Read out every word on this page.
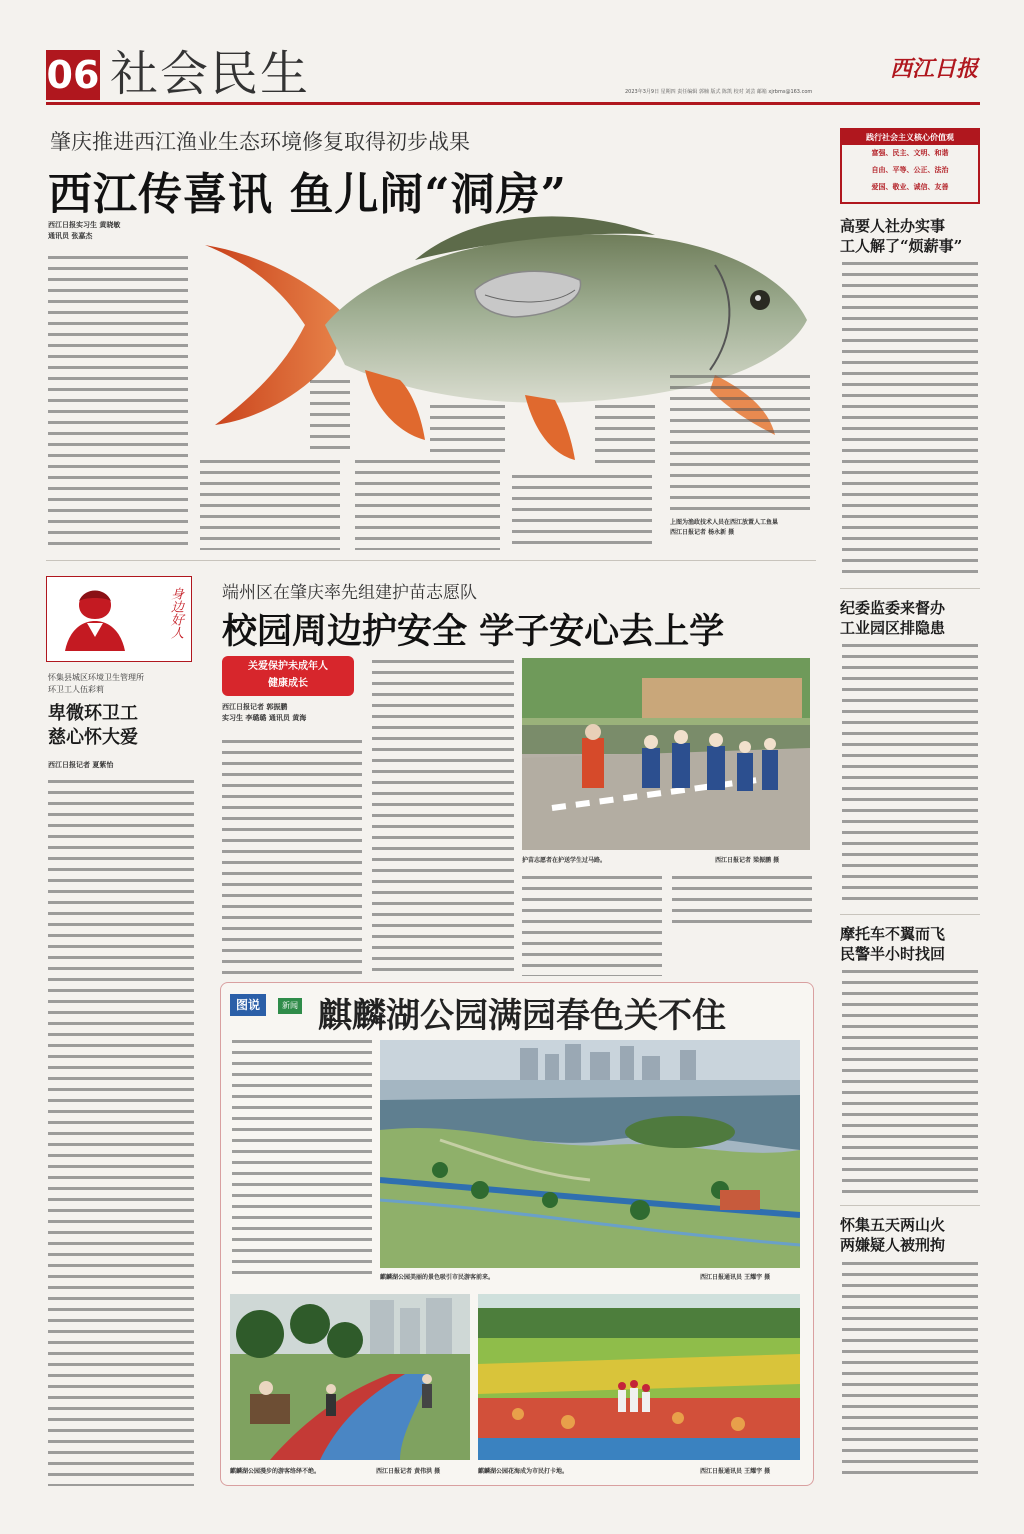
06 社会民生	西江日报
2023年3月9日 星期四 责任编辑 郭楠 版式 陈凯 校对 刘芸 邮箱 xjrbms@163.com
肇庆推进西江渔业生态环境修复取得初步战果
西江传喜讯 鱼儿闹“洞房”
西江日报实习生 黄晓敏
通讯员 张嘉杰
上图为渔政技术人员在西江放置人工鱼巢
西江日报记者 杨永新 摄
践行社会主义核心价值观
富强、民主、文明、和谐
自由、平等、公正、法治
爱国、敬业、诚信、友善
高要人社办实事
工人解了“烦薪事”
纪委监委来督办
工业园区排隐患
摩托车不翼而飞
民警半小时找回
怀集五天两山火
两嫌疑人被刑拘
身边好人
怀集县城区环境卫生管理所
环卫工人伍彩莉
卑微环卫工
慈心怀大爱
西江日报记者 夏紫怡
端州区在肇庆率先组建护苗志愿队
校园周边护安全 学子安心去上学
关爱保护未成年人
健康成长
西江日报记者 郭振鹏
实习生 李璐璐 通讯员 黄海
护苗志愿者在护送学生过马路。	西江日报记者 梁振鹏 摄
图说	新闻 麒麟湖公园满园春色关不住
麒麟湖公园美丽的景色吸引市民游客前来。	西江日报通讯员 王耀宇 摄
麒麟湖公园漫步的游客络绎不绝。	西江日报记者 黄伟洪 摄	麒麟湖公园花海成为市民打卡地。	西江日报通讯员 王耀宇 摄
